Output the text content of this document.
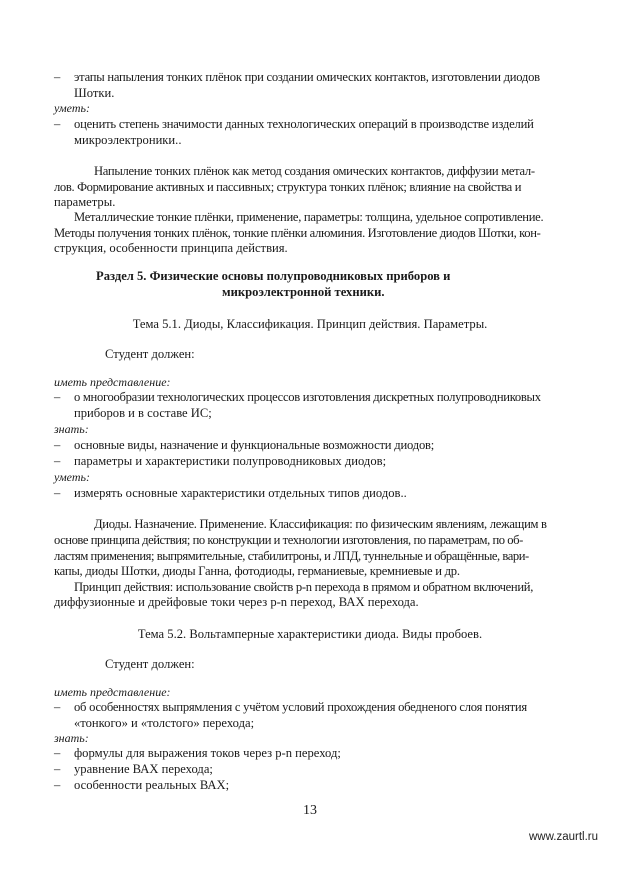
–
–
–
–
–
–
–
–
–
–
этапы напыления тонких плёнок при создании омических контактов, изготовлении диодов
Шотки.
уметь:
оценить степень значимости данных технологических операций в производстве изделий
микроэлектроники..
Напыление тонких плёнок как метод создания омических контактов, диффузии метал-
лов. Формирование активных и пассивных; структура тонких плёнок; влияние на свойства и
параметры.
Металлические тонкие плёнки, применение, параметры: толщина, удельное сопротивление.
Методы получения тонких плёнок, тонкие плёнки алюминия. Изготовление диодов Шотки, кон-
струкция, особенности принципа действия.
Раздел 5. Физические основы полупроводниковых приборов и
микроэлектронной техники.
Тема 5.1. Диоды, Классификация. Принцип действия. Параметры.
Студент должен:
иметь представление:
о многообразии технологических процессов изготовления дискретных полупроводниковых
приборов и в составе ИС;
знать:
основные виды, назначение и функциональные возможности диодов;
параметры и характеристики полупроводниковых диодов;
уметь:
измерять основные характеристики отдельных типов диодов..
Диоды. Назначение. Применение. Классификация: по физическим явлениям, лежащим в
основе принципа действия; по конструкции и технологии изготовления, по параметрам, по об-
ластям применения; выпрямительные, стабилитроны, и ЛПД, туннельные и обращённые, вари-
капы, диоды Шотки, диоды Ганна, фотодиоды, германиевые, кремниевые и др.
Принцип действия: использование свойств p-n перехода в прямом и обратном включений,
диффузионные и дрейфовые токи через p-n переход, ВАХ перехода.
Тема 5.2. Вольтамперные характеристики диода. Виды пробоев.
Студент должен:
иметь представление:
об особенностях выпрямления с учётом условий прохождения обедненого слоя понятия
«тонкого» и «толстого» перехода;
знать:
формулы для выражения токов через p-n переход;
уравнение ВАХ перехода;
особенности реальных ВАХ;
13
www.zaurtl.ru
